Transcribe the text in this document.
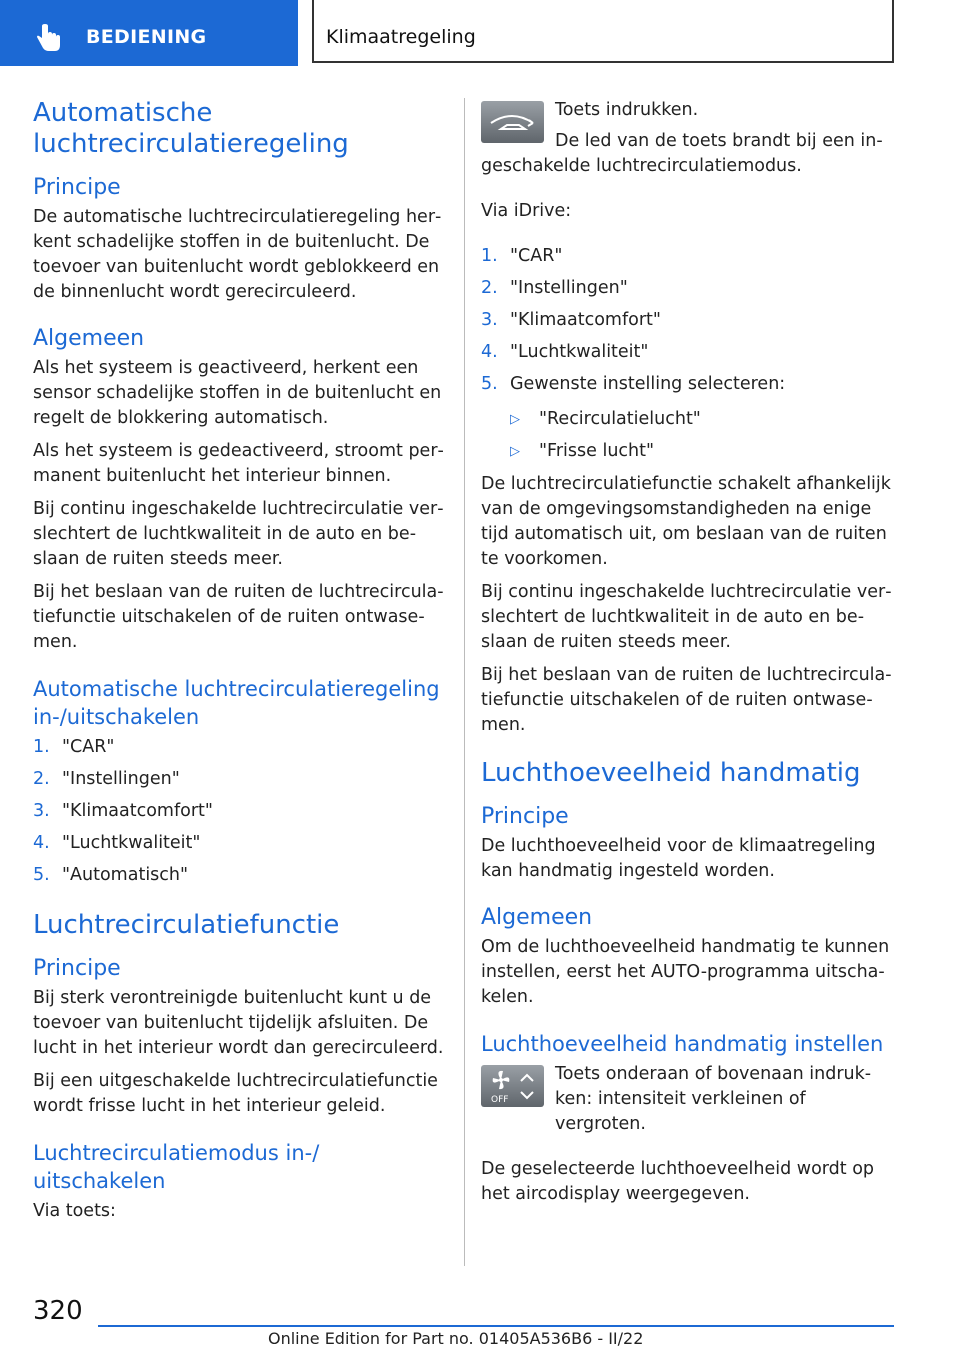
BEDIENING	Klimaatregeling
Automatische luchtrecirculatieregeling
Principe

De automatische luchtrecirculatieregeling herkent schadelijke stoffen in de buitenlucht. De toevoer van buitenlucht wordt geblokkeerd en de binnenlucht wordt gerecirculeerd.

Algemeen

Als het systeem is geactiveerd, herkent een sensor schadelijke stoffen in de buitenlucht en regelt de blokkering automatisch.

Als het systeem is gedeactiveerd, stroomt permanent buitenlucht het interieur binnen.

Bij continu ingeschakelde luchtrecirculatie verslechtert de luchtkwaliteit in de auto en beslaan de ruiten steeds meer.

Bij het beslaan van de ruiten de luchtrecirculatiefunctie uitschakelen of de ruiten ontwasemen.

Automatische luchtrecirculatieregeling in-/uitschakelen
1. "CAR"
2. "Instellingen"
3. "Klimaatcomfort"
4. "Luchtkwaliteit"
5. "Automatisch"
Luchtrecirculatiefunctie
Principe

Bij sterk verontreinigde buitenlucht kunt u de toevoer van buitenlucht tijdelijk afsluiten. De lucht in het interieur wordt dan gerecirculeerd.

Bij een uitgeschakelde luchtrecirculatiefunctie wordt frisse lucht in het interieur geleid.

Luchtrecirculatiemodus in-/ uitschakelen

Via toets:

Toets indrukken.

De led van de toets brandt bij een ingeschakelde luchtrecirculatiemodus.

Via iDrive:

1. "CAR"
2. "Instellingen"
3. "Klimaatcomfort"
4. "Luchtkwaliteit"
5. Gewenste instelling selecteren:
▷	"Recirculatielucht"
▷	"Frisse lucht"

De luchtrecirculatiefunctie schakelt afhankelijk van de omgevingsomstandigheden na enige tijd automatisch uit, om beslaan van de ruiten te voorkomen.

Bij continu ingeschakelde luchtrecirculatie verslechtert de luchtkwaliteit in de auto en beslaan de ruiten steeds meer.

Bij het beslaan van de ruiten de luchtrecirculatiefunctie uitschakelen of de ruiten ontwasemen.

Luchthoeveelheid handmatig
Principe

De luchthoeveelheid voor de klimaatregeling kan handmatig ingesteld worden.

Algemeen

Om de luchthoeveelheid handmatig te kunnen instellen, eerst het AUTO-programma uitschakelen.

Luchthoeveelheid handmatig instellen
OFF
Toets onderaan of bovenaan indrukken: intensiteit verkleinen of vergroten.

De geselecteerde luchthoeveelheid wordt op het aircodisplay weergegeven.

320
Online Edition for Part no. 01405A536B6 - II/22
